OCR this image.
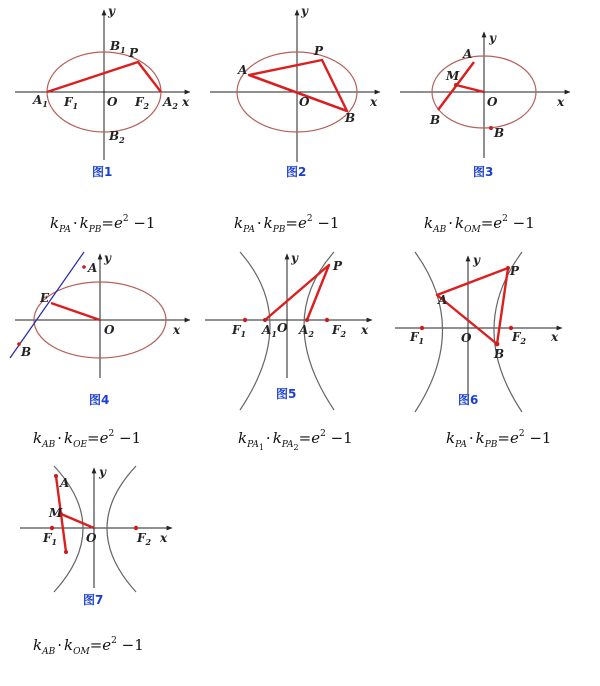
$B_1$ P
$A_1$ $F_1$ O $F_2$ $A_2$ x
$B_2$
y
图1
P
A
O
B
x
y
图2
A
M
O
B
B
x
y
图3
$k_{PA} \cdot k_{PB}=e^2 -1$	$k_{PA} \cdot k_{PB}=e^2 -1$	$k_{AB} \cdot k_{OM}=e^2 -1$
A
E
O
B
x
y
图4
P
$F_1$ $A_1$ O $A_2$ $F_2$ x
y
图5
P
A
$F_1$	O	$F_2$
B
x
y
图6
$k_{AB} \cdot k_{OE}=e^2 -1$	$k_{PA1}\cdot k_{PA2}=e^2 -1$	$k_{PA} \cdot k_{PB}=e^2 -1$
A
M
$F_1$ O	$F_2$ x
y
图7
$k_{AB} \cdot k_{OM}=e^2 -1$
